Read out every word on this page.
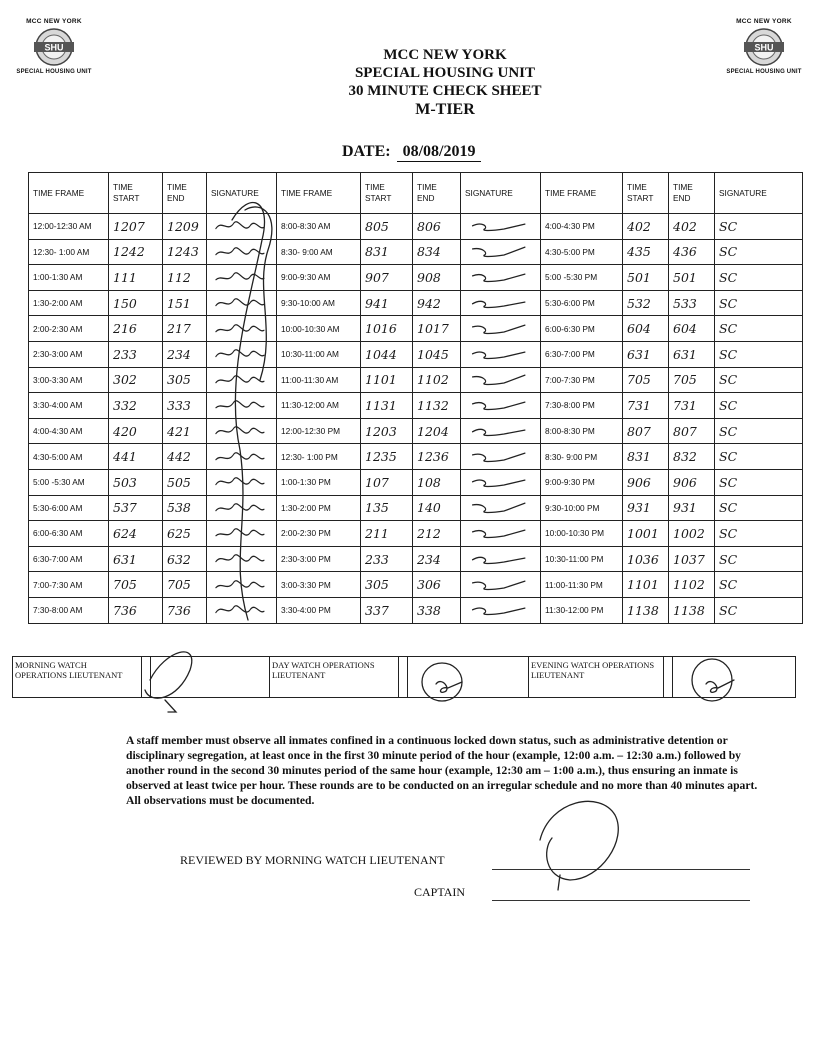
MCC NEW YORK
SHU
SPECIAL HOUSING UNIT
MCC NEW YORK
SHU
SPECIAL HOUSING UNIT
MCC NEW YORK
SPECIAL HOUSING UNIT
30 MINUTE CHECK SHEET
M-TIER
DATE: 08/08/2019
TIME FRAME	TIME START	TIME END	SIGNATURE	TIME FRAME	TIME START	TIME END	SIGNATURE	TIME FRAME	TIME START	TIME END	SIGNATURE
12:00-12:30 AM	1207	1209		8:00-8:30 AM	805	806		4:00-4:30 PM	402	402	SC
12:30- 1:00 AM	1242	1243		8:30- 9:00 AM	831	834		4:30-5:00 PM	435	436	SC
1:00-1:30 AM	111	112		9:00-9:30 AM	907	908		5:00 -5:30 PM	501	501	SC
1:30-2:00 AM	150	151		9:30-10:00 AM	941	942		5:30-6:00 PM	532	533	SC
2:00-2:30 AM	216	217		10:00-10:30 AM	1016	1017		6:00-6:30 PM	604	604	SC
2:30-3:00 AM	233	234		10:30-11:00 AM	1044	1045		6:30-7:00 PM	631	631	SC
3:00-3:30 AM	302	305		11:00-11:30 AM	1101	1102		7:00-7:30 PM	705	705	SC
3:30-4:00 AM	332	333		11:30-12:00 AM	1131	1132		7:30-8:00 PM	731	731	SC
4:00-4:30 AM	420	421		12:00-12:30 PM	1203	1204		8:00-8:30 PM	807	807	SC
4:30-5:00 AM	441	442		12:30- 1:00 PM	1235	1236		8:30- 9:00 PM	831	832	SC
5:00 -5:30 AM	503	505		1:00-1:30 PM	107	108		9:00-9:30 PM	906	906	SC
5:30-6:00 AM	537	538		1:30-2:00 PM	135	140		9:30-10:00 PM	931	931	SC
6:00-6:30 AM	624	625		2:00-2:30 PM	211	212		10:00-10:30 PM	1001	1002	SC
6:30-7:00 AM	631	632		2:30-3:00 PM	233	234		10:30-11:00 PM	1036	1037	SC
7:00-7:30 AM	705	705		3:00-3:30 PM	305	306		11:00-11:30 PM	1101	1102	SC
7:30-8:00 AM	736	736		3:30-4:00 PM	337	338		11:30-12:00 PM	1138	1138	SC
MORNING WATCH OPERATIONS LIEUTENANT
DAY WATCH OPERATIONS LIEUTENANT
EVENING WATCH OPERATIONS LIEUTENANT
A staff member must observe all inmates confined in a continuous locked down status, such as administrative detention or disciplinary segregation, at least once in the first 30 minute period of the hour (example, 12:00 a.m. – 12:30 a.m.) followed by another round in the second 30 minutes period of the same hour (example, 12:30 am – 1:00 a.m.), thus ensuring an inmate is observed at least twice per hour. These rounds are to be conducted on an irregular schedule and no more than 40 minutes apart. All observations must be documented.
REVIEWED BY MORNING WATCH LIEUTENANT
CAPTAIN
